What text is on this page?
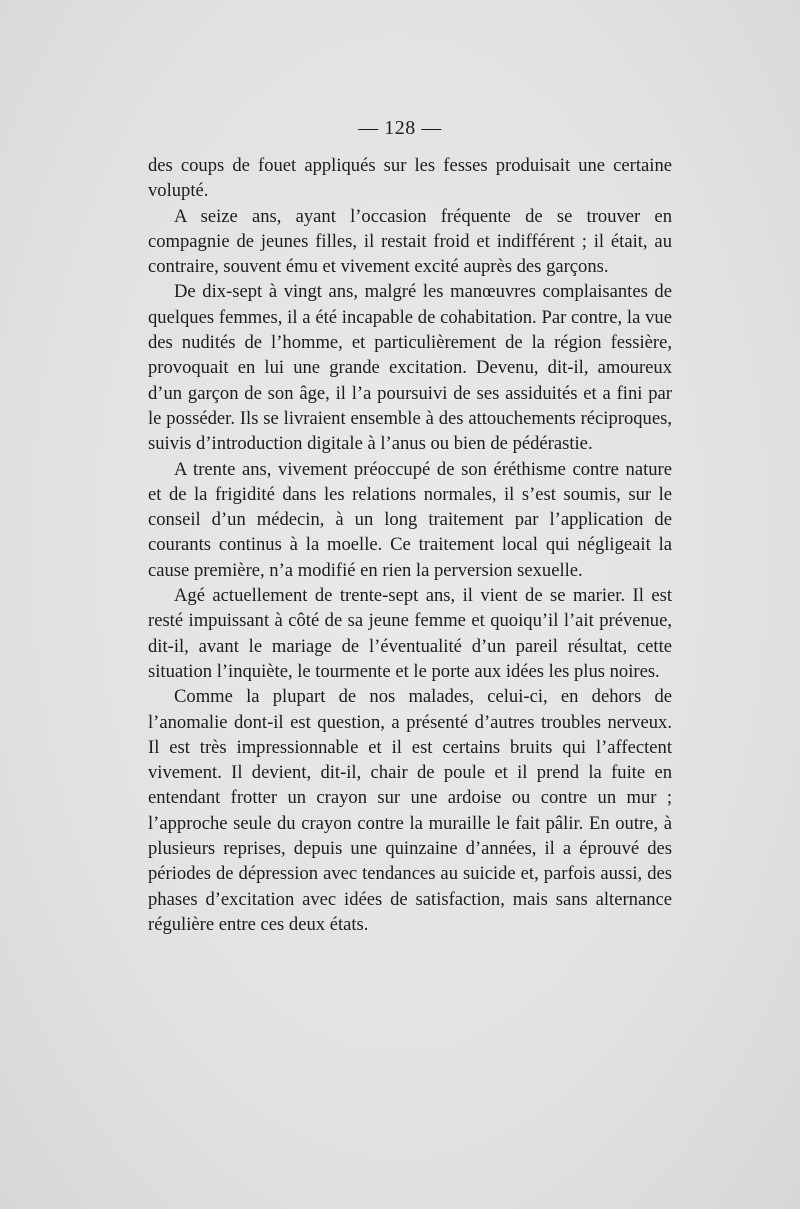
— 128 —

des coups de fouet appliqués sur les fesses produisait une certaine volupté.

A seize ans, ayant l’occasion fréquente de se trouver en compagnie de jeunes filles, il restait froid et indifférent ; il était, au contraire, souvent ému et vivement excité auprès des garçons.

De dix-sept à vingt ans, malgré les manœuvres complaisantes de quelques femmes, il a été incapable de cohabitation. Par contre, la vue des nudités de l’homme, et particulièrement de la région fessière, provoquait en lui une grande excitation. Devenu, dit-il, amoureux d’un garçon de son âge, il l’a poursuivi de ses assiduités et a fini par le posséder. Ils se livraient ensemble à des attouchements réciproques, suivis d’introduction digitale à l’anus ou bien de pédérastie.

A trente ans, vivement préoccupé de son éréthisme contre nature et de la frigidité dans les relations normales, il s’est soumis, sur le conseil d’un médecin, à un long traitement par l’application de courants continus à la moelle. Ce traitement local qui négligeait la cause première, n’a modifié en rien la perversion sexuelle.

Agé actuellement de trente-sept ans, il vient de se marier. Il est resté impuissant à côté de sa jeune femme et quoiqu’il l’ait prévenue, dit-il, avant le mariage de l’éventualité d’un pareil résultat, cette situation l’inquiète, le tourmente et le porte aux idées les plus noires.

Comme la plupart de nos malades, celui-ci, en dehors de l’anomalie dont-il est question, a présenté d’autres troubles nerveux. Il est très impressionnable et il est certains bruits qui l’affectent vivement. Il devient, dit-il, chair de poule et il prend la fuite en entendant frotter un crayon sur une ardoise ou contre un mur ; l’approche seule du crayon contre la muraille le fait pâlir. En outre, à plusieurs reprises, depuis une quinzaine d’années, il a éprouvé des périodes de dépression avec tendances au suicide et, parfois aussi, des phases d’excitation avec idées de satisfaction, mais sans alternance régulière entre ces deux états.
